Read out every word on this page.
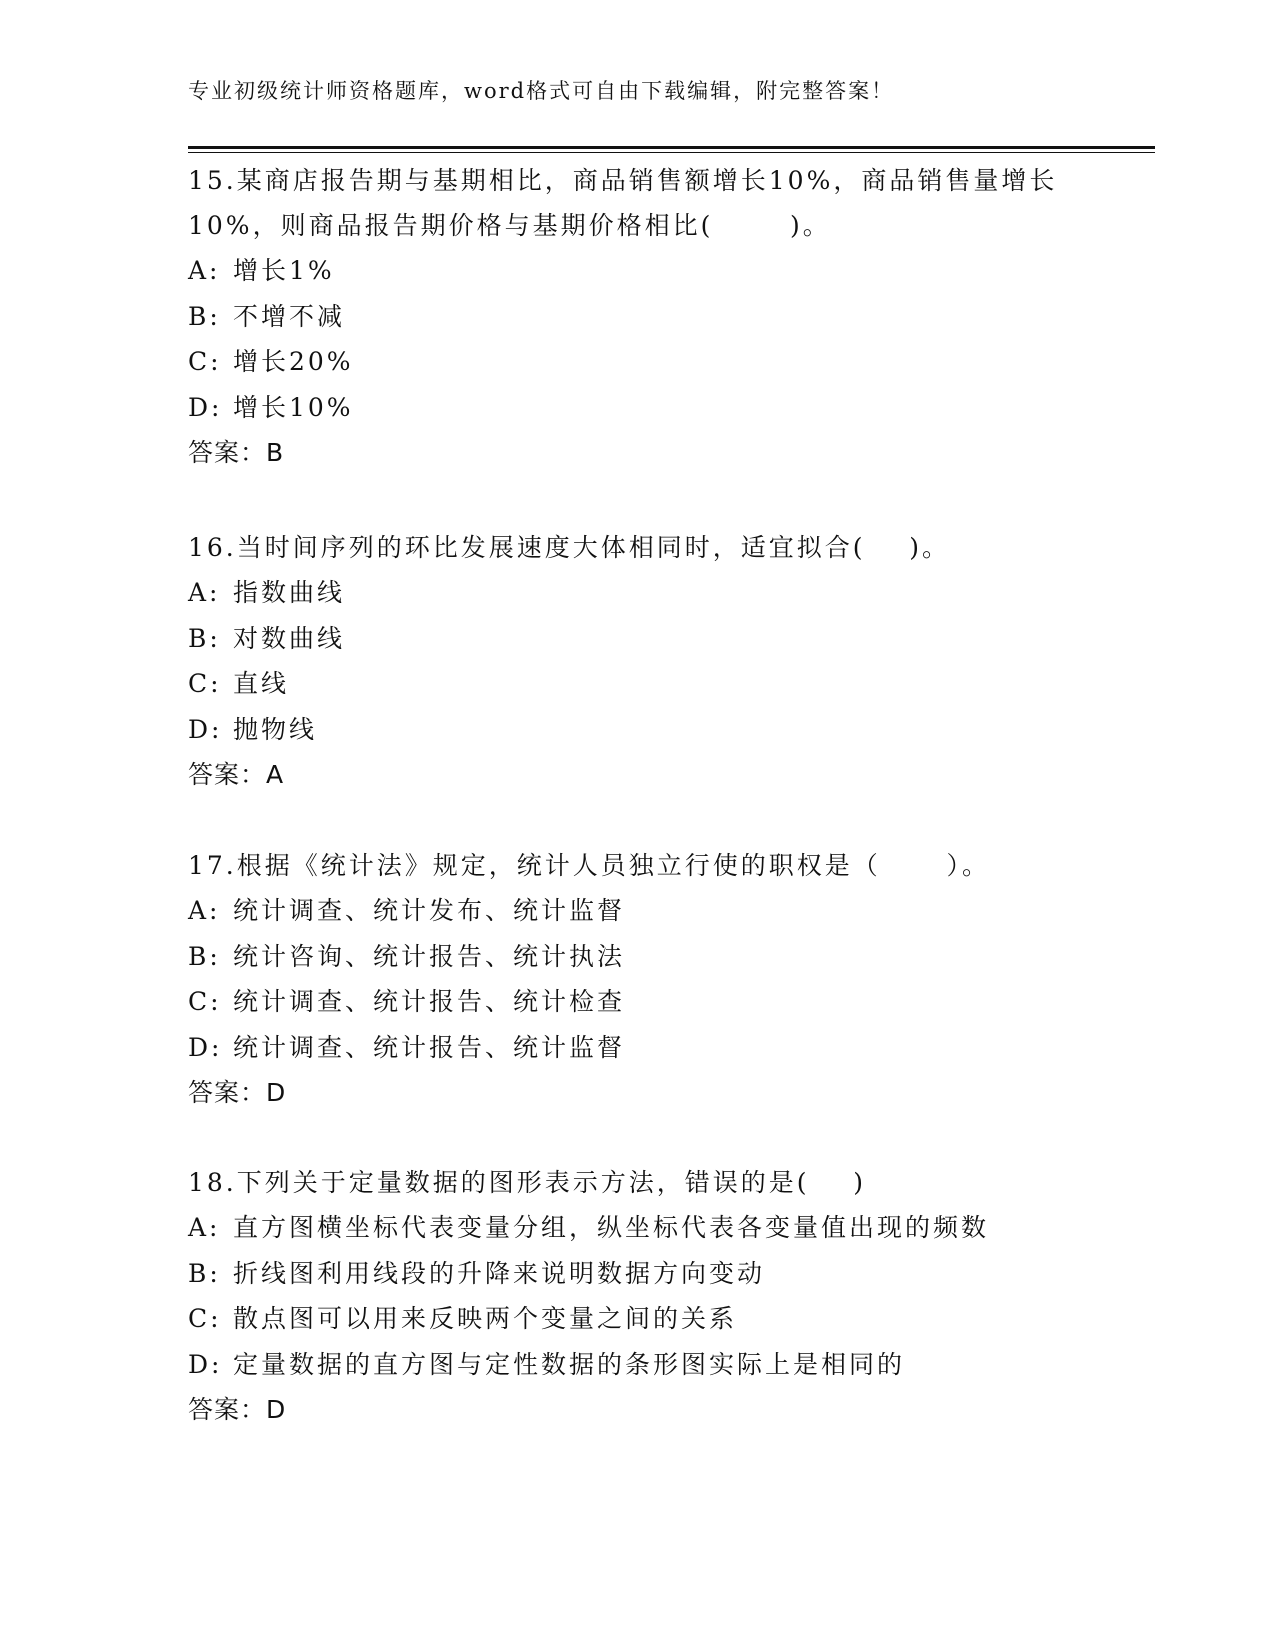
专业初级统计师资格题库，word格式可自由下载编辑，附完整答案！
15.某商店报告期与基期相比，商品销售额增长10%，商品销售量增长
10%，则商品报告期价格与基期价格相比(       )。
A: 增长1%
B: 不增不减
C: 增长20%
D: 增长10%
答案：B
16.当时间序列的环比发展速度大体相同时，适宜拟合(    )。
A: 指数曲线
B: 对数曲线
C: 直线
D: 抛物线
答案：A
17.根据《统计法》规定，统计人员独立行使的职权是（      ）。
A: 统计调查、统计发布、统计监督
B: 统计咨询、统计报告、统计执法
C: 统计调查、统计报告、统计检查
D: 统计调查、统计报告、统计监督
答案：D
18.下列关于定量数据的图形表示方法，错误的是(    )
A: 直方图横坐标代表变量分组，纵坐标代表各变量值出现的频数
B: 折线图利用线段的升降来说明数据方向变动
C: 散点图可以用来反映两个变量之间的关系
D: 定量数据的直方图与定性数据的条形图实际上是相同的
答案：D
